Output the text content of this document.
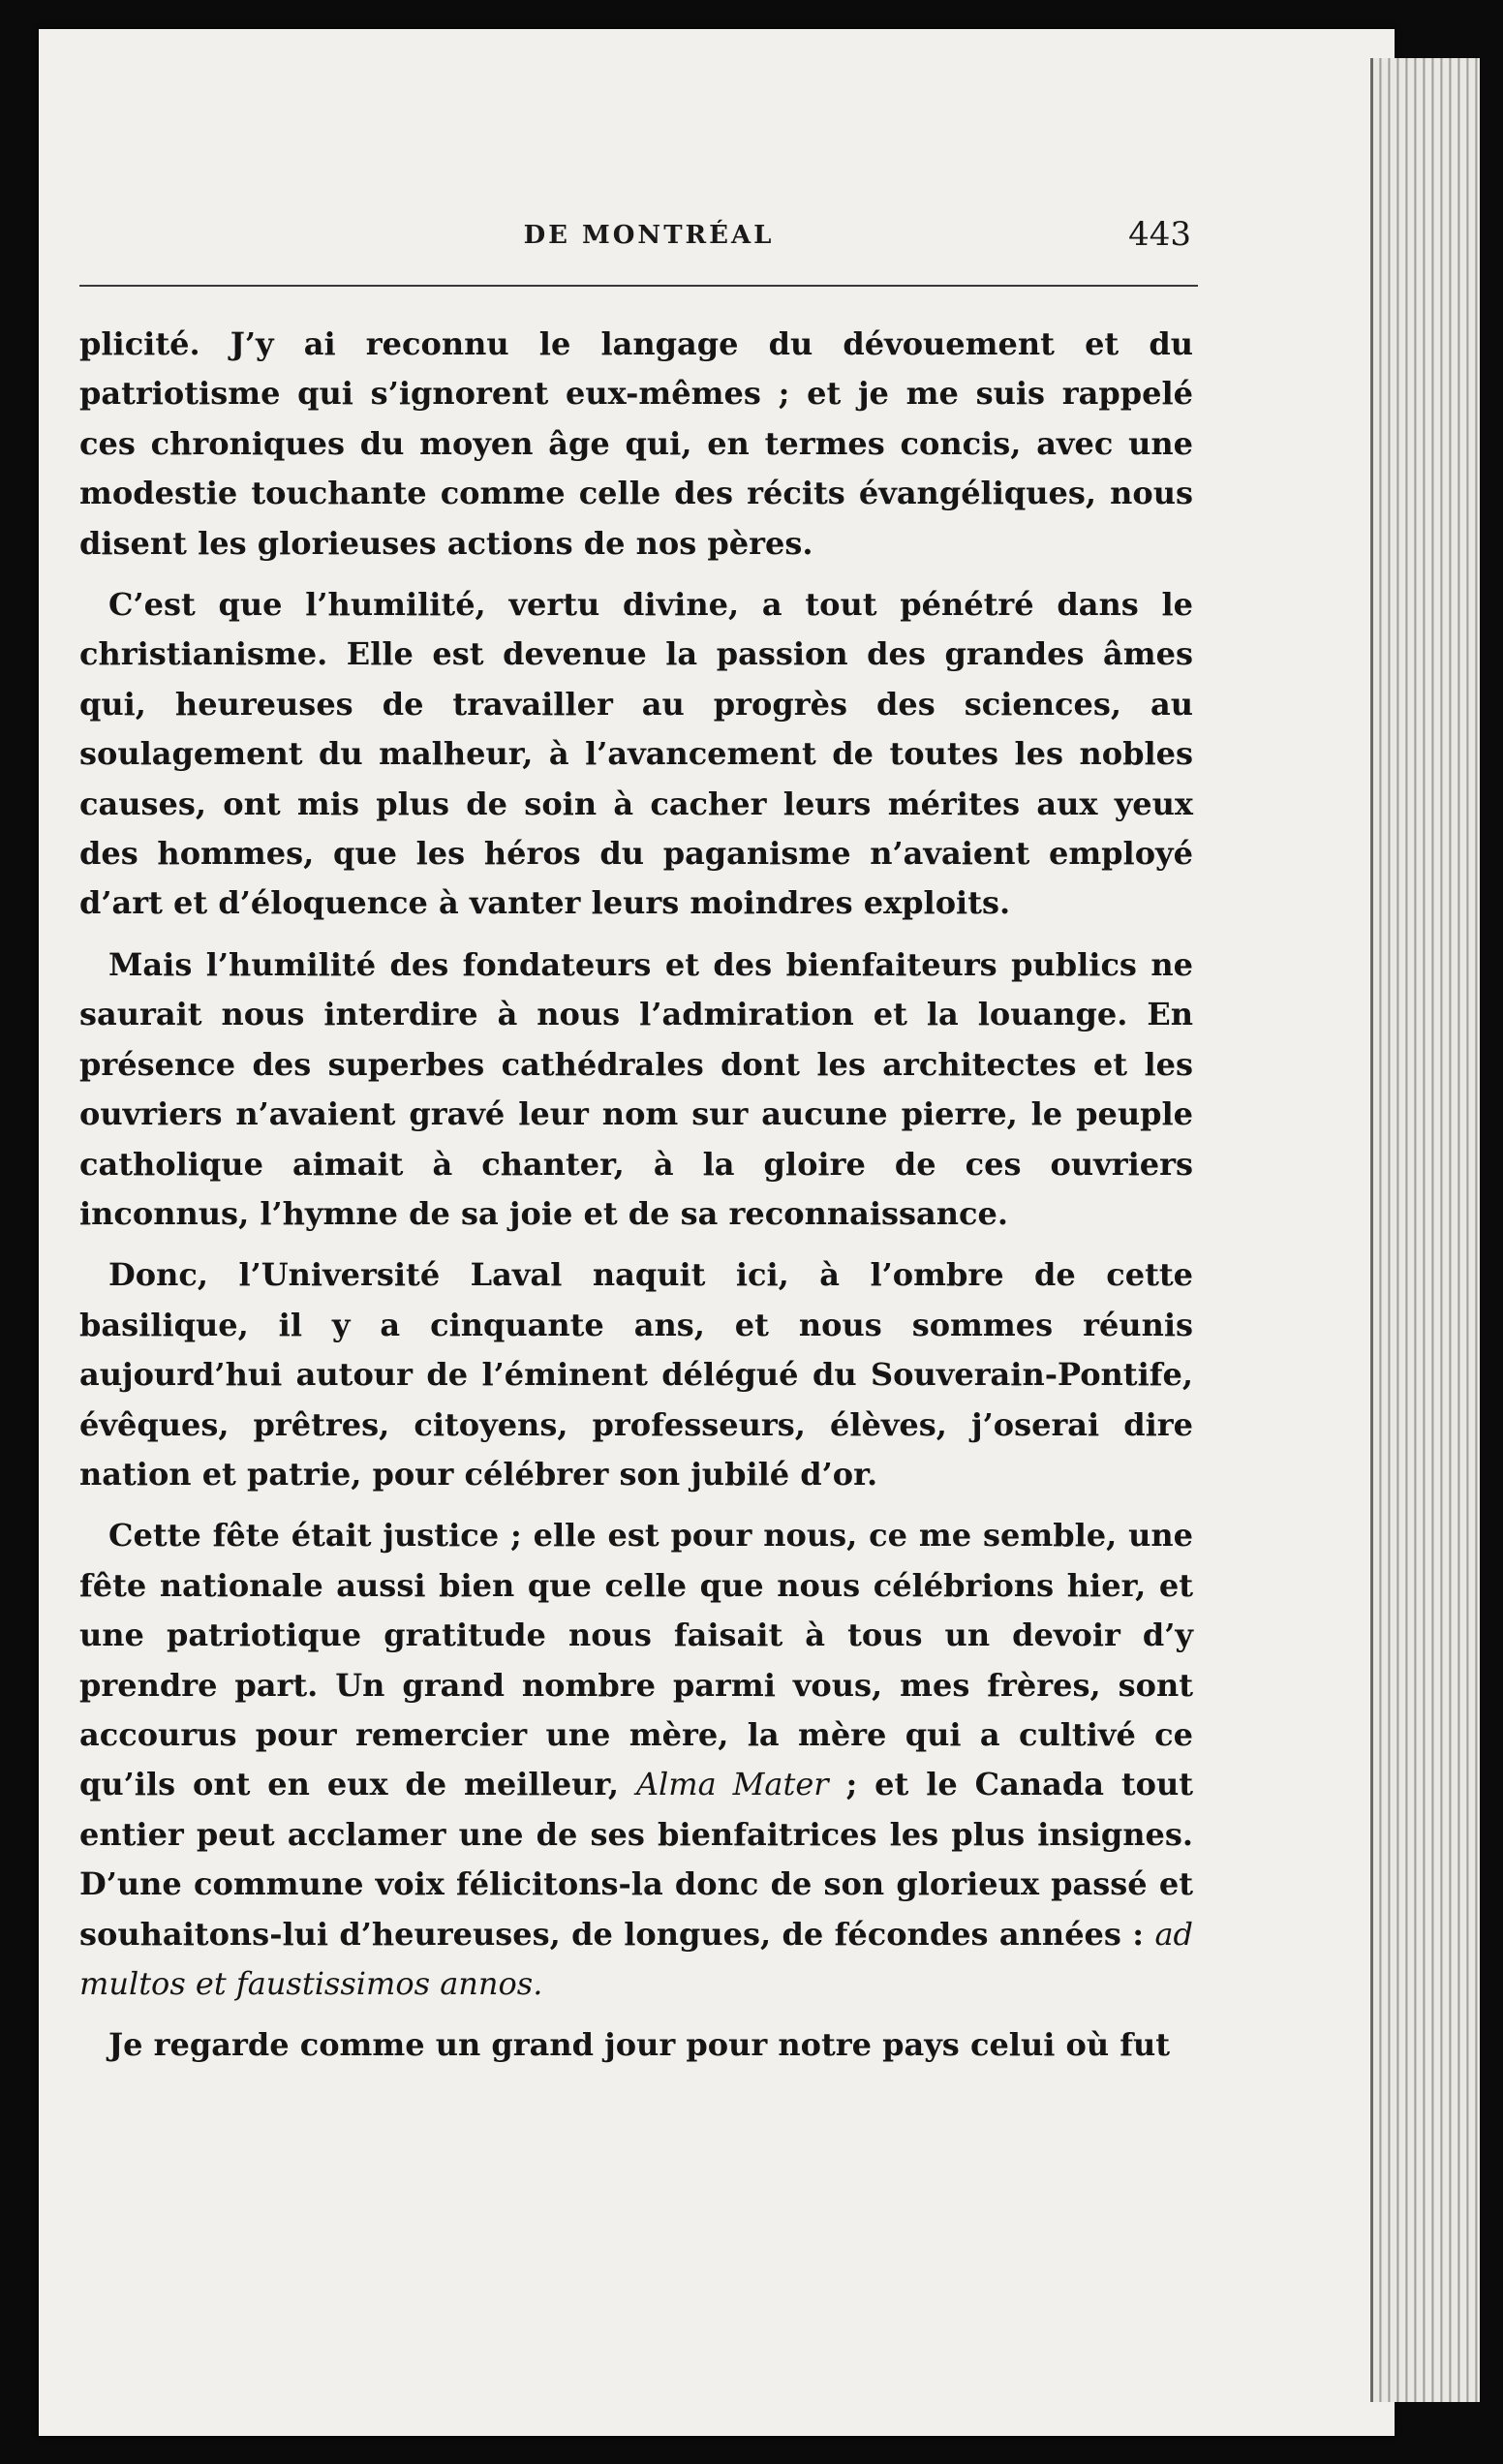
DE MONTRÉAL	443

plicité. J’y ai reconnu le langage du dévouement et du patriotisme qui s’ignorent eux-mêmes ; et je me suis rappelé ces chroniques du moyen âge qui, en termes concis, avec une modestie touchante comme celle des récits évangéliques, nous disent les glorieuses actions de nos pères.

C’est que l’humilité, vertu divine, a tout pénétré dans le christianisme. Elle est devenue la passion des grandes âmes qui, heureuses de travailler au progrès des sciences, au soulagement du malheur, à l’avancement de toutes les nobles causes, ont mis plus de soin à cacher leurs mérites aux yeux des hommes, que les héros du paganisme n’avaient employé d’art et d’éloquence à vanter leurs moindres exploits.

Mais l’humilité des fondateurs et des bienfaiteurs publics ne saurait nous interdire à nous l’admiration et la louange. En présence des superbes cathédrales dont les architectes et les ouvriers n’avaient gravé leur nom sur aucune pierre, le peuple catholique aimait à chanter, à la gloire de ces ouvriers inconnus, l’hymne de sa joie et de sa reconnaissance.

Donc, l’Université Laval naquit ici, à l’ombre de cette basilique, il y a cinquante ans, et nous sommes réunis aujourd’hui autour de l’éminent délégué du Souverain-Pontife, évêques, prêtres, citoyens, professeurs, élèves, j’oserai dire nation et patrie, pour célébrer son jubilé d’or.

Cette fête était justice ; elle est pour nous, ce me semble, une fête nationale aussi bien que celle que nous célébrions hier, et une patriotique gratitude nous faisait à tous un devoir d’y prendre part. Un grand nombre parmi vous, mes frères, sont accourus pour remercier une mère, la mère qui a cultivé ce qu’ils ont en eux de meilleur, Alma Mater ; et le Canada tout entier peut acclamer une de ses bienfaitrices les plus insignes. D’une commune voix félicitons-la donc de son glorieux passé et souhaitons-lui d’heureuses, de longues, de fécondes années : ad multos et faustissimos annos.

Je regarde comme un grand jour pour notre pays celui où fut
